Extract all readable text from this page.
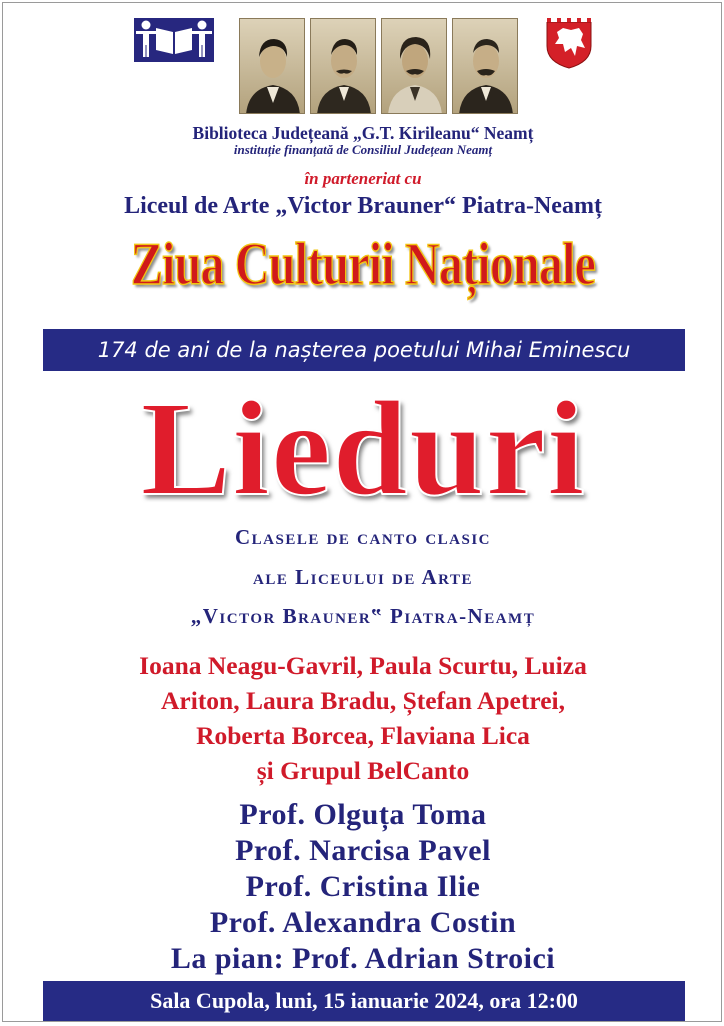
Biblioteca Județeană „G.T. Kirileanu“ Neamț
instituție finanțată de Consiliul Județean Neamț
în parteneriat cu
Liceul de Arte „Victor Brauner“ Piatra-Neamț
Ziua Culturii Naționale
174 de ani de la nașterea poetului Mihai Eminescu
Lieduri
Clasele de canto clasic
ale Liceului de Arte
„Victor Brauner‟ Piatra-Neamț
Ioana Neagu-Gavril, Paula Scurtu, Luiza
Ariton, Laura Bradu, Ștefan Apetrei,
Roberta Borcea, Flaviana Lica
și Grupul BelCanto
Prof. Olguța Toma
Prof. Narcisa Pavel
Prof. Cristina Ilie
Prof. Alexandra Costin
La pian: Prof. Adrian Stroici
Sala Cupola, luni, 15 ianuarie 2024, ora 12:00
